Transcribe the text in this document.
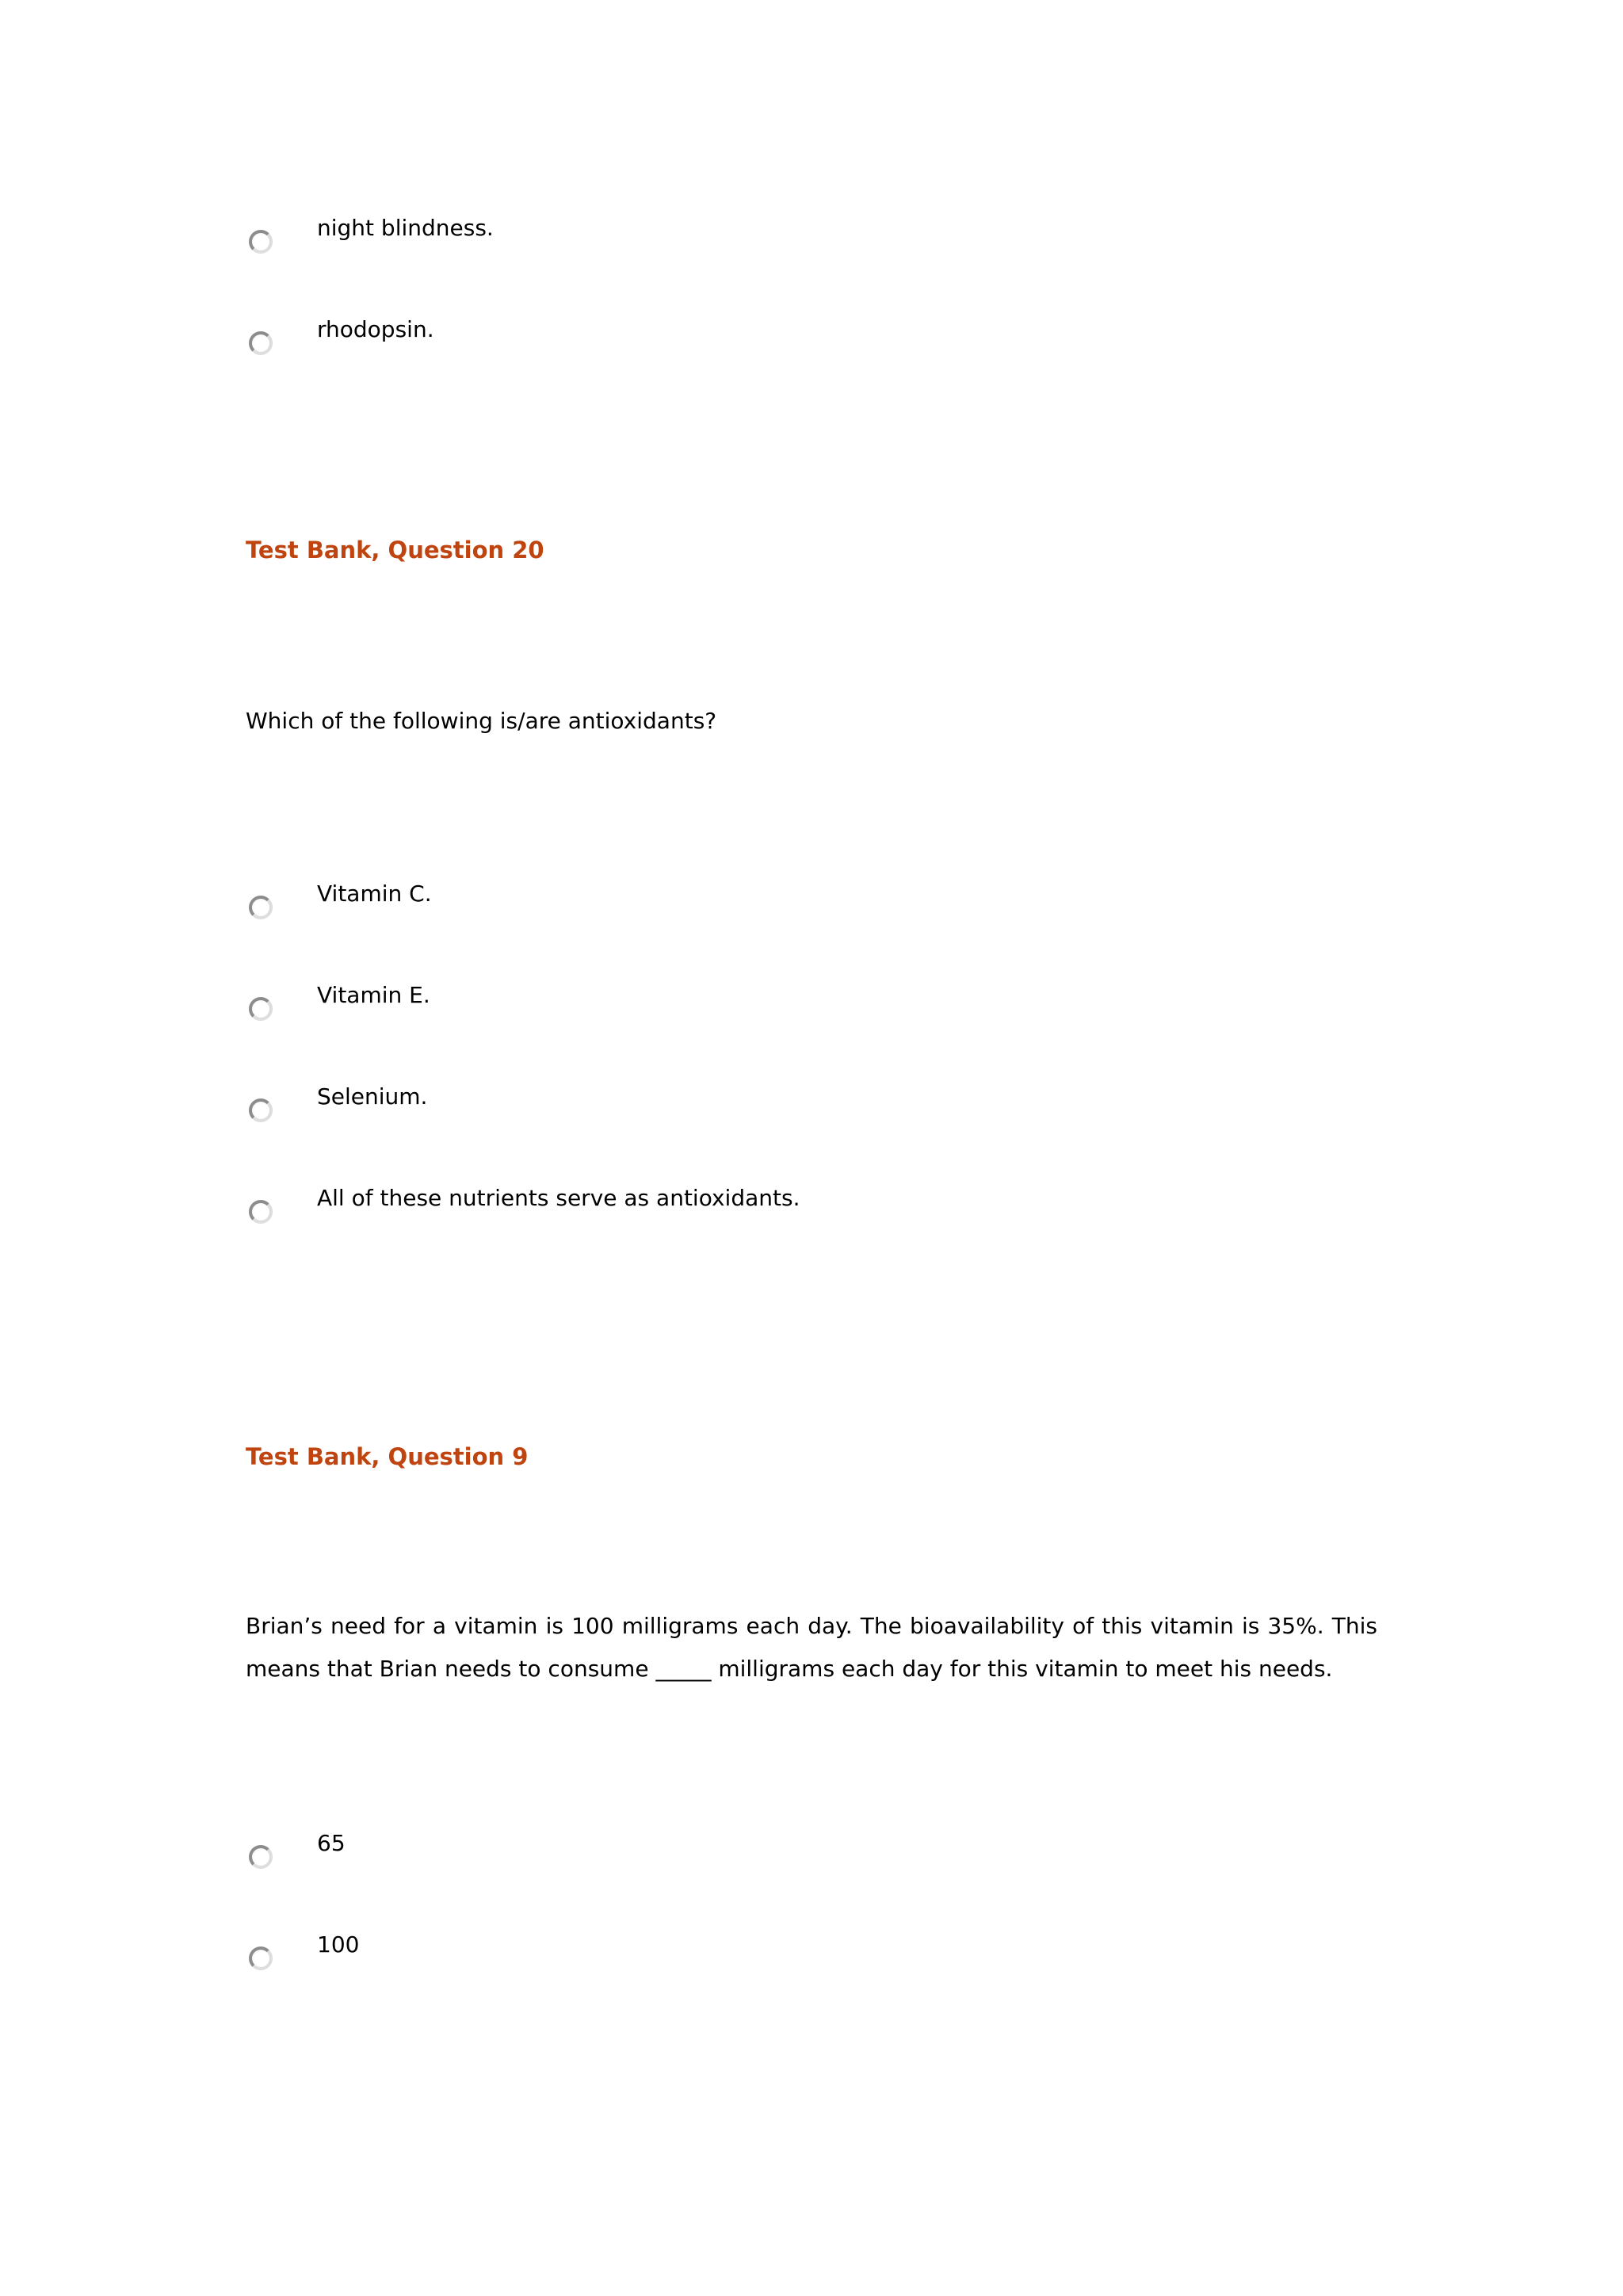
night blindness.
rhodopsin.
Test Bank, Question 20
Which of the following is/are antioxidants?
Vitamin C.
Vitamin E.
Selenium.
All of these nutrients serve as antioxidants.
Test Bank, Question 9
Brian’s need for a vitamin is 100 milligrams each day. The bioavailability of this vitamin is 35%. This means that Brian needs to consume _____ milligrams each day for this vitamin to meet his needs.
65
100
